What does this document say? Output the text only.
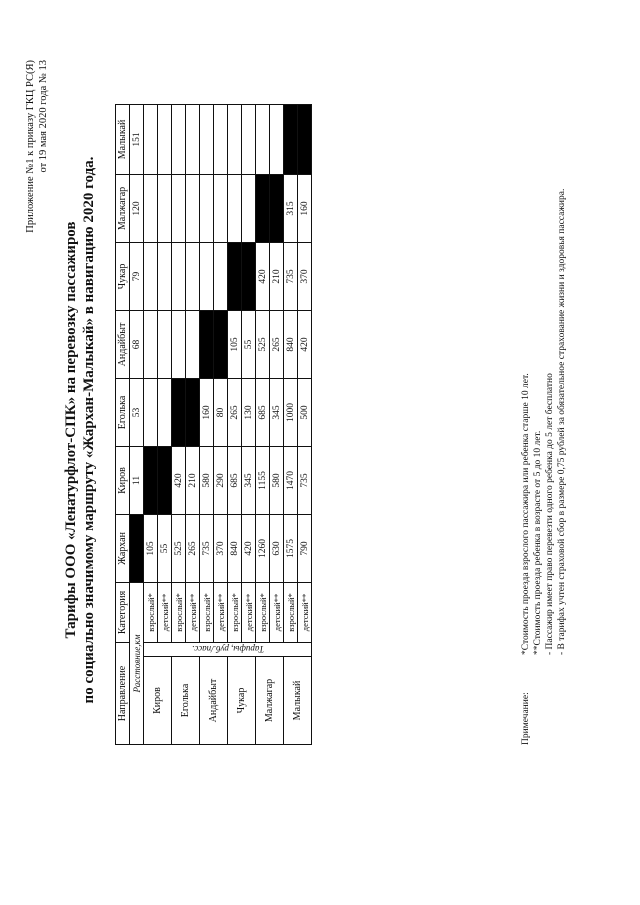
Приложение №1 к приказу ГКЦ РС(Я) от 19 мая 2020 года № 13
Тарифы ООО «Ленатурфлот-СПК» на перевозку пассажиров по социально значимому маршруту «Жархан-Малыкай» в навигацию 2020 года. Направление		Категория	Жархан	Киров	Еголька	Андайбыт	Чукар	Малжагар	Малыкай
Расстояние,км				11	53	68	79	120	151
Киров	Тарифы, руб./пасс.	взрослый*	105						
		детский**	55						
Еголька		взрослый*	525	420					
		детский**	265	210					
Андайбыт		взрослый*	735	580	160				
		детский**	370	290	80				
Чукар		взрослый*	840	685	265	105			
		детский**	420	345	130	55			
Малжагар		взрослый*	1260	1155	685	525	420		
		детский**	630	580	345	265	210		
Малыкай		взрослый*	1575	1470	1000	840	735	315	
		детский**	790	735	500	420	370	160	
Примечание:
*Стоимость проезда взрослого пассажира или ребенка старше 10 лет. **Стоимость проезда ребенка в возрасте от 5 до 10 лет. - Пассажир имеет право перевезти одного ребенка до 5 лет бесплатно - В тарифах учтен страховой сбор в размере 0,75 рублей за обязательное страхование жизни и здоровья пассажира.
